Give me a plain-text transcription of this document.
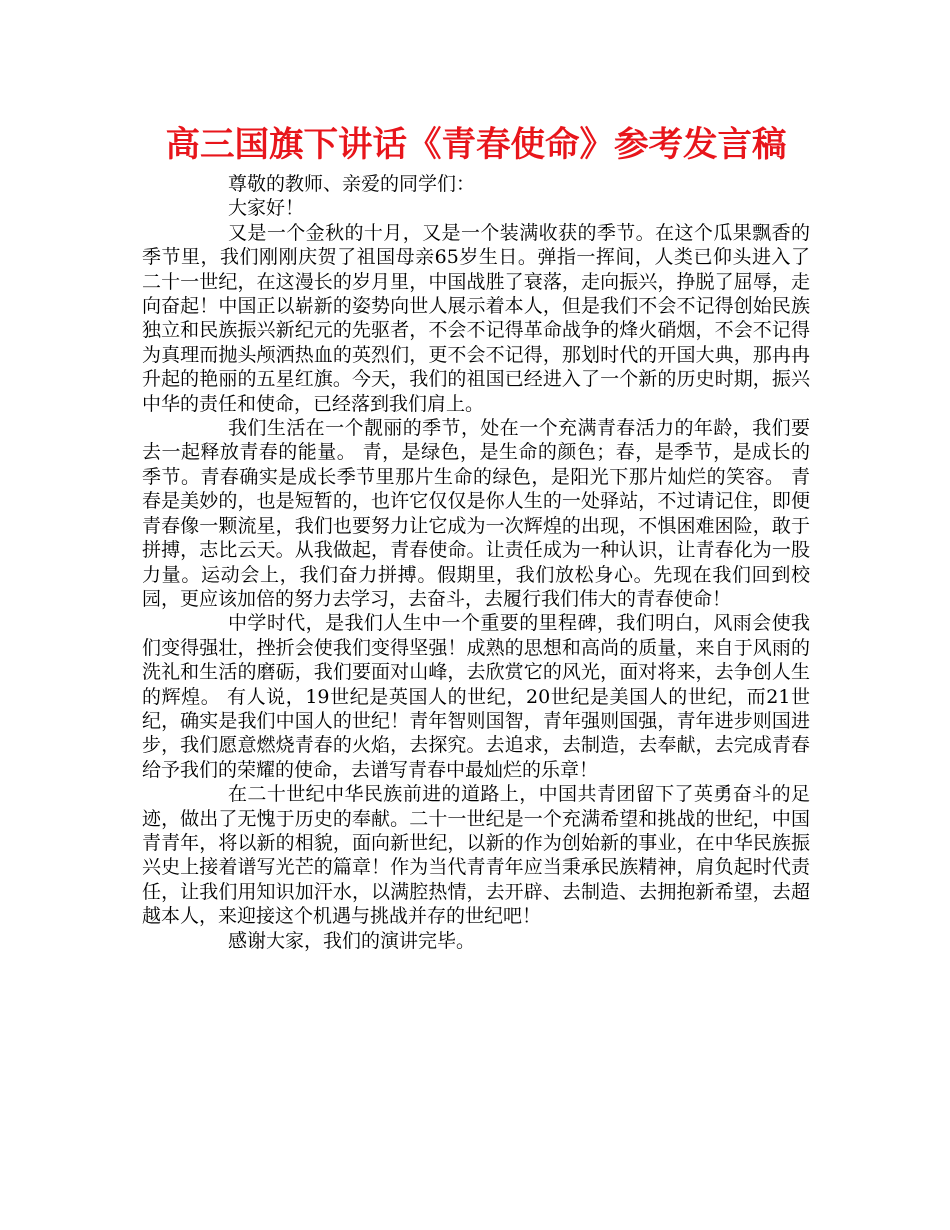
高三国旗下讲话《青春使命》参考发言稿

尊敬的教师、亲爱的同学们：

大家好！

又是一个金秋的十月，又是一个装满收获的季节。在这个瓜果飘香的季节里，我们刚刚庆贺了祖国母亲65岁生日。弹指一挥间，人类已仰头进入了二十一世纪，在这漫长的岁月里，中国战胜了衰落，走向振兴，挣脱了屈辱，走向奋起！中国正以崭新的姿势向世人展示着本人，但是我们不会不记得创始民族独立和民族振兴新纪元的先驱者，不会不记得革命战争的烽火硝烟，不会不记得为真理而抛头颅洒热血的英烈们，更不会不记得，那划时代的开国大典，那冉冉升起的艳丽的五星红旗。今天，我们的祖国已经进入了一个新的历史时期，振兴中华的责任和使命，已经落到我们肩上。

我们生活在一个靓丽的季节，处在一个充满青春活力的年龄，我们要去一起释放青春的能量。 青，是绿色，是生命的颜色；春，是季节，是成长的季节。青春确实是成长季节里那片生命的绿色，是阳光下那片灿烂的笑容。 青春是美妙的，也是短暂的，也许它仅仅是你人生的一处驿站，不过请记住，即便青春像一颗流星，我们也要努力让它成为一次辉煌的出现，不惧困难困险，敢于拼搏，志比云天。从我做起，青春使命。让责任成为一种认识，让青春化为一股力量。运动会上，我们奋力拼搏。假期里，我们放松身心。先现在我们回到校园，更应该加倍的努力去学习，去奋斗，去履行我们伟大的青春使命！

中学时代，是我们人生中一个重要的里程碑，我们明白，风雨会使我们变得强壮，挫折会使我们变得坚强！成熟的思想和高尚的质量，来自于风雨的洗礼和生活的磨砺，我们要面对山峰，去欣赏它的风光，面对将来，去争创人生的辉煌。 有人说，19世纪是英国人的世纪，20世纪是美国人的世纪，而21世纪，确实是我们中国人的世纪！青年智则国智，青年强则国强，青年进步则国进步，我们愿意燃烧青春的火焰，去探究。去追求，去制造，去奉献，去完成青春给予我们的荣耀的使命，去谱写青春中最灿烂的乐章！

在二十世纪中华民族前进的道路上，中国共青团留下了英勇奋斗的足迹，做出了无愧于历史的奉献。二十一世纪是一个充满希望和挑战的世纪，中国青青年，将以新的相貌，面向新世纪，以新的作为创始新的事业，在中华民族振兴史上接着谱写光芒的篇章！作为当代青青年应当秉承民族精神，肩负起时代责任，让我们用知识加汗水，以满腔热情，去开辟、去制造、去拥抱新希望，去超越本人，来迎接这个机遇与挑战并存的世纪吧！

感谢大家，我们的演讲完毕。
